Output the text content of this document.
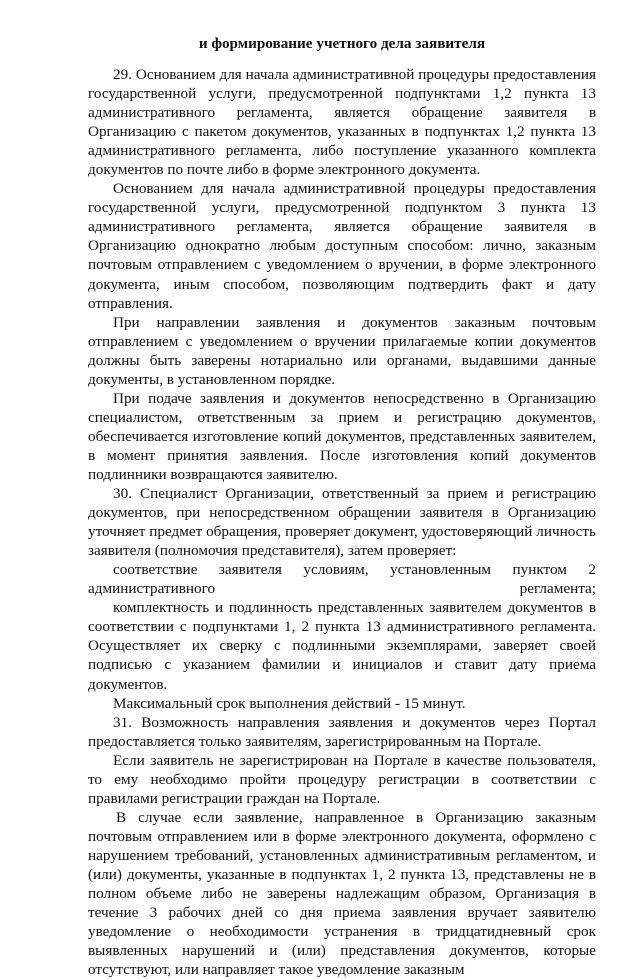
и формирование учетного дела заявителя

29. Основанием для начала административной процедуры предоставления государственной услуги, предусмотренной подпунктами 1,2 пункта 13 административного регламента, является обращение заявителя в Организацию с пакетом документов, указанных в подпунктах 1,2 пункта 13 административного регламента, либо поступление указанного комплекта документов по почте либо в форме электронного документа.

Основанием для начала административной процедуры предоставления государственной услуги, предусмотренной подпунктом 3 пункта 13 административного регламента, является обращение заявителя в Организацию однократно любым доступным способом: лично, заказным почтовым отправлением с уведомлением о вручении, в форме электронного документа, иным способом, позволяющим подтвердить факт и дату отправления.

При направлении заявления и документов заказным почтовым отправлением с уведомлением о вручении прилагаемые копии документов должны быть заверены нотариально или органами, выдавшими данные документы, в установленном порядке.

При подаче заявления и документов непосредственно в Организацию специалистом, ответственным за прием и регистрацию документов, обеспечивается изготовление копий документов, представленных заявителем, в момент принятия заявления. После изготовления копий документов подлинники возвращаются заявителю.

30. Специалист Организации, ответственный за прием и регистрацию документов, при непосредственном обращении заявителя в Организацию уточняет предмет обращения, проверяет документ, удостоверяющий личность заявителя (полномочия представителя), затем проверяет:

соответствие заявителя условиям, установленным пунктом 2 административного регламента;

комплектность и подлинность представленных заявителем документов в соответствии с подпунктами 1, 2 пункта 13 административного регламента. Осуществляет их сверку с подлинными экземплярами, заверяет своей подписью с указанием фамилии и инициалов и ставит дату приема документов.

Максимальный срок выполнения действий - 15 минут.

31. Возможность направления заявления и документов через Портал предоставляется только заявителям, зарегистрированным на Портале.

Если заявитель не зарегистрирован на Портале в качестве пользователя, то ему необходимо пройти процедуру регистрации в соответствии с правилами регистрации граждан на Портале.

В случае если заявление, направленное в Организацию заказным почтовым отправлением или в форме электронного документа, оформлено с нарушением требований, установленных административным регламентом, и (или) документы, указанные в подпунктах 1, 2 пункта 13, представлены не в полном объеме либо не заверены надлежащим образом, Организация в течение 3 рабочих дней со дня приема заявления вручает заявителю уведомление о необходимости устранения в тридцатидневный срок выявленных нарушений и (или) представления документов, которые отсутствуют, или направляет такое уведомление заказным
